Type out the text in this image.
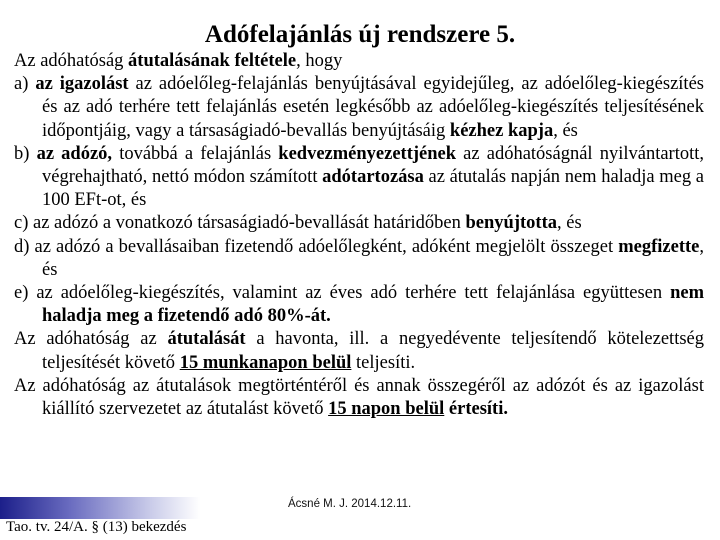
Adófelajánlás új rendszere 5.

Az adóhatóság átutalásának feltétele, hogy

a) az igazolást az adóelőleg-felajánlás benyújtásával egyidejűleg, az adóelőleg-kiegészítés és az adó terhére tett felajánlás esetén legkésőbb az adóelőleg-kiegészítés teljesítésének időpontjáig, vagy a társaságiadó-bevallás benyújtásáig kézhez kapja, és

b) az adózó, továbbá a felajánlás kedvezményezettjének az adóhatóságnál nyilvántartott, végrehajtható, nettó módon számított adótartozása az átutalás napján nem haladja meg a 100 EFt-ot, és

c) az adózó a vonatkozó társaságiadó-bevallását határidőben benyújtotta, és

d) az adózó a bevallásaiban fizetendő adóelőlegként, adóként megjelölt összeget megfizette, és

e) az adóelőleg-kiegészítés, valamint az éves adó terhére tett felajánlása együttesen nem haladja meg a fizetendő adó 80%-át.

Az adóhatóság az átutalását a havonta, ill. a negyedévente teljesítendő kötelezettség teljesítését követő 15 munkanapon belül teljesíti.

Az adóhatóság az átutalások megtörténtéről és annak összegéről az adózót és az igazolást kiállító szervezetet az átutalást követő 15 napon belül értesíti.

Ácsné M. J. 2014.12.11.
Tao. tv. 24/A. § (13) bekezdés
